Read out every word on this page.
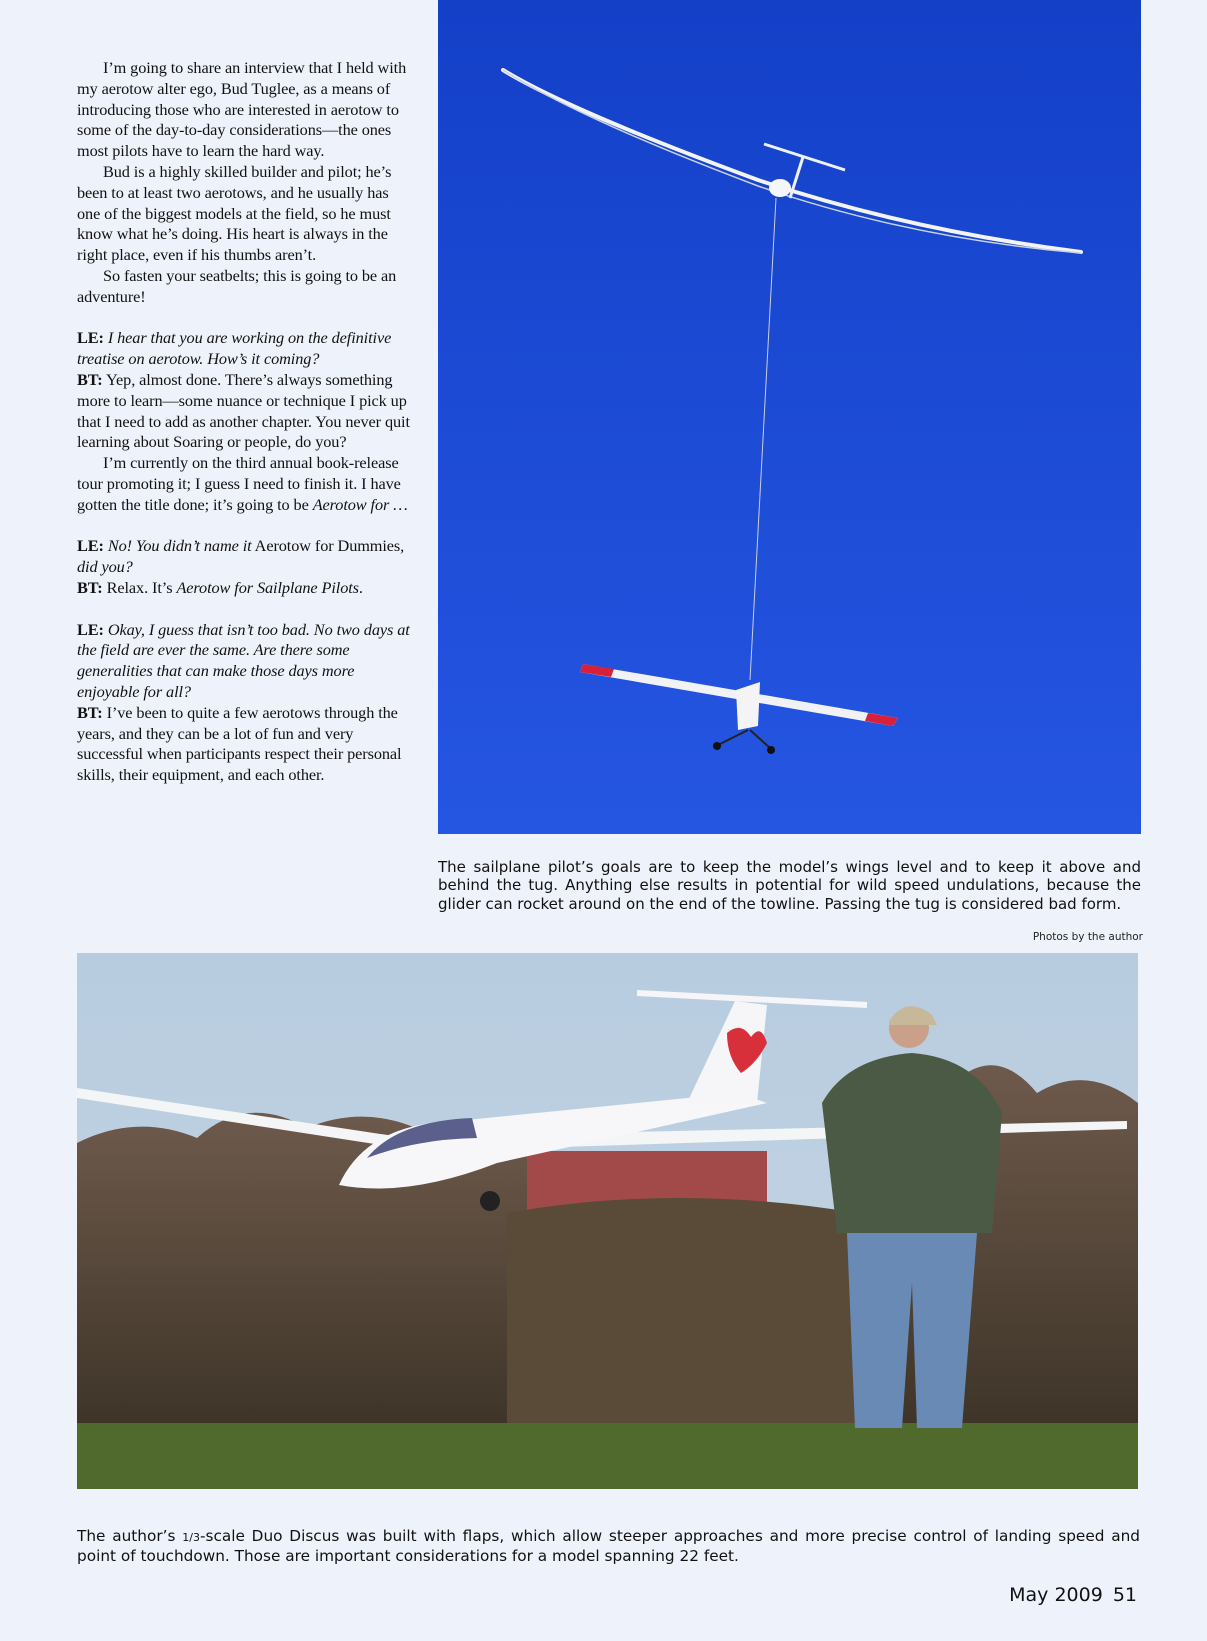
I’m going to share an interview that I held with my aerotow alter ego, Bud Tuglee, as a means of introducing those who are interested in aerotow to some of the day-to-day considerations—the ones most pilots have to learn the hard way.

Bud is a highly skilled builder and pilot; he’s been to at least two aerotows, and he usually has one of the biggest models at the field, so he must know what he’s doing. His heart is always in the right place, even if his thumbs aren’t.

So fasten your seatbelts; this is going to be an adventure!

LE: I hear that you are working on the definitive treatise on aerotow. How’s it coming?

BT: Yep, almost done. There’s always something more to learn—some nuance or technique I pick up that I need to add as another chapter. You never quit learning about Soaring or people, do you?

I’m currently on the third annual book-release tour promoting it; I guess I need to finish it. I have gotten the title done; it’s going to be Aerotow for …

LE: No! You didn’t name it Aerotow for Dummies, did you?

BT: Relax. It’s Aerotow for Sailplane Pilots.

LE: Okay, I guess that isn’t too bad. No two days at the field are ever the same. Are there some generalities that can make those days more enjoyable for all?

BT: I’ve been to quite a few aerotows through the years, and they can be a lot of fun and very successful when participants respect their personal skills, their equipment, and each other.

The sailplane pilot’s goals are to keep the model’s wings level and to keep it above and behind the tug. Anything else results in potential for wild speed undulations, because the glider can rocket around on the end of the towline. Passing the tug is considered bad form.
Photos by the author
The author’s 1/3-scale Duo Discus was built with flaps, which allow steeper approaches and more precise control of landing speed and point of touchdown. Those are important considerations for a model spanning 22 feet.
May 2009 51
